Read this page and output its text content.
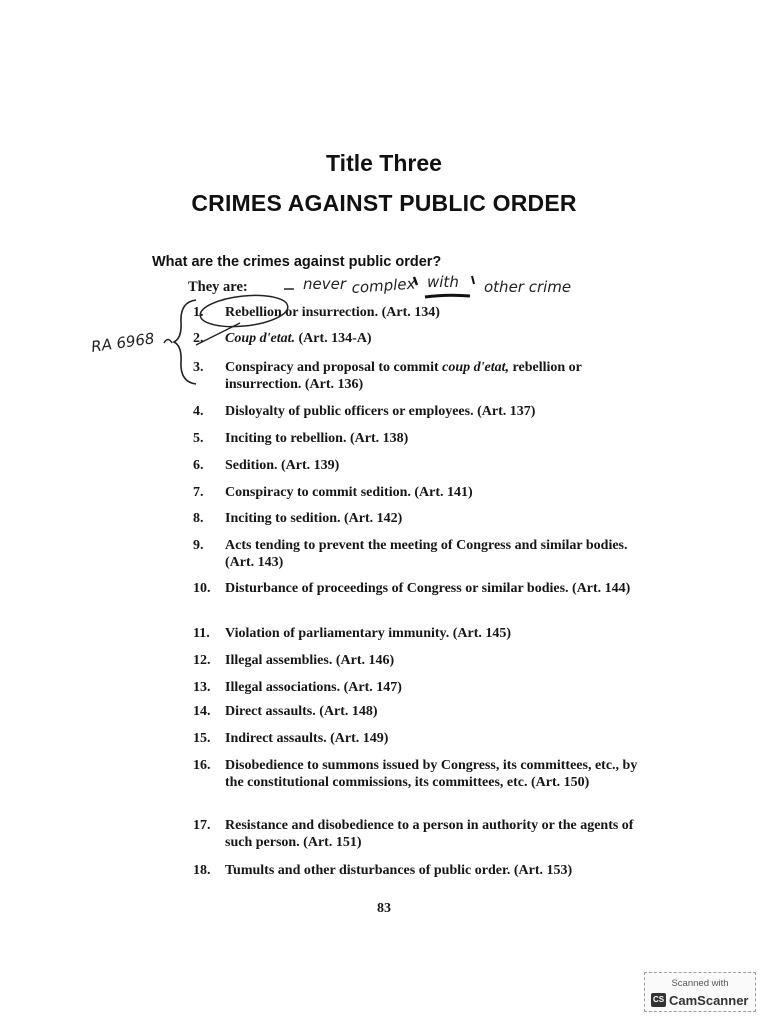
Title Three
CRIMES AGAINST PUBLIC ORDER
What are the crimes against public order?
They are:
1.	Rebellion or insurrection. (Art. 134)
2.	Coup d'etat. (Art. 134-A)
3.	Conspiracy and proposal to commit coup d'etat, rebellion or insurrection. (Art. 136)
4.	Disloyalty of public officers or employees. (Art. 137)
5.	Inciting to rebellion. (Art. 138)
6.	Sedition. (Art. 139)
7.	Conspiracy to commit sedition. (Art. 141)
8.	Inciting to sedition. (Art. 142)
9.	Acts tending to prevent the meeting of Congress and similar bodies. (Art. 143)
10.	Disturbance of proceedings of Congress or similar bodies. (Art. 144)
11.	Violation of parliamentary immunity. (Art. 145)
12.	Illegal assemblies. (Art. 146)
13.	Illegal associations. (Art. 147)
14.	Direct assaults. (Art. 148)
15.	Indirect assaults. (Art. 149)
16.	Disobedience to summons issued by Congress, its committees, etc., by the constitutional commissions, its committees, etc. (Art. 150)
17.	Resistance and disobedience to a person in authority or the agents of such person. (Art. 151)
18.	Tumults and other disturbances of public order. (Art. 153)
83
never complex with other crime
RA 6968
Scanned with
CS CamScanner
